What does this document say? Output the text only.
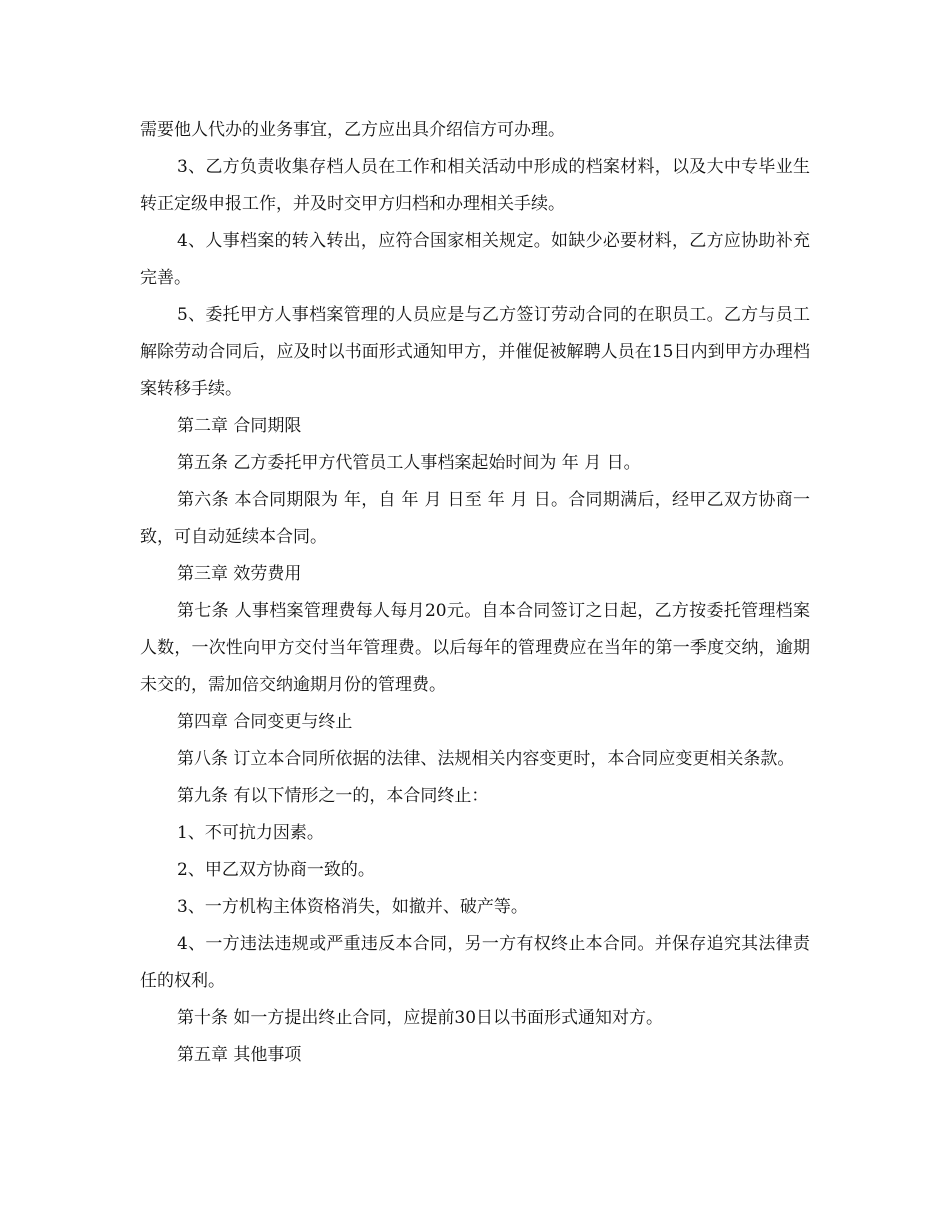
需要他人代办的业务事宜，乙方应出具介绍信方可办理。

3、乙方负责收集存档人员在工作和相关活动中形成的档案材料，以及大中专毕业生转正定级申报工作，并及时交甲方归档和办理相关手续。

4、人事档案的转入转出，应符合国家相关规定。如缺少必要材料，乙方应协助补充完善。

5、委托甲方人事档案管理的人员应是与乙方签订劳动合同的在职员工。乙方与员工解除劳动合同后，应及时以书面形式通知甲方，并催促被解聘人员在15日内到甲方办理档案转移手续。

第二章 合同期限

第五条 乙方委托甲方代管员工人事档案起始时间为 年 月 日。

第六条 本合同期限为 年，自 年 月 日至 年 月 日。合同期满后，经甲乙双方协商一致，可自动延续本合同。

第三章 效劳费用

第七条 人事档案管理费每人每月20元。自本合同签订之日起，乙方按委托管理档案人数，一次性向甲方交付当年管理费。以后每年的管理费应在当年的第一季度交纳，逾期未交的，需加倍交纳逾期月份的管理费。

第四章 合同变更与终止

第八条 订立本合同所依据的法律、法规相关内容变更时，本合同应变更相关条款。

第九条 有以下情形之一的，本合同终止：

1、不可抗力因素。

2、甲乙双方协商一致的。

3、一方机构主体资格消失，如撤并、破产等。

4、一方违法违规或严重违反本合同，另一方有权终止本合同。并保存追究其法律责任的权利。

第十条 如一方提出终止合同，应提前30日以书面形式通知对方。

第五章 其他事项
